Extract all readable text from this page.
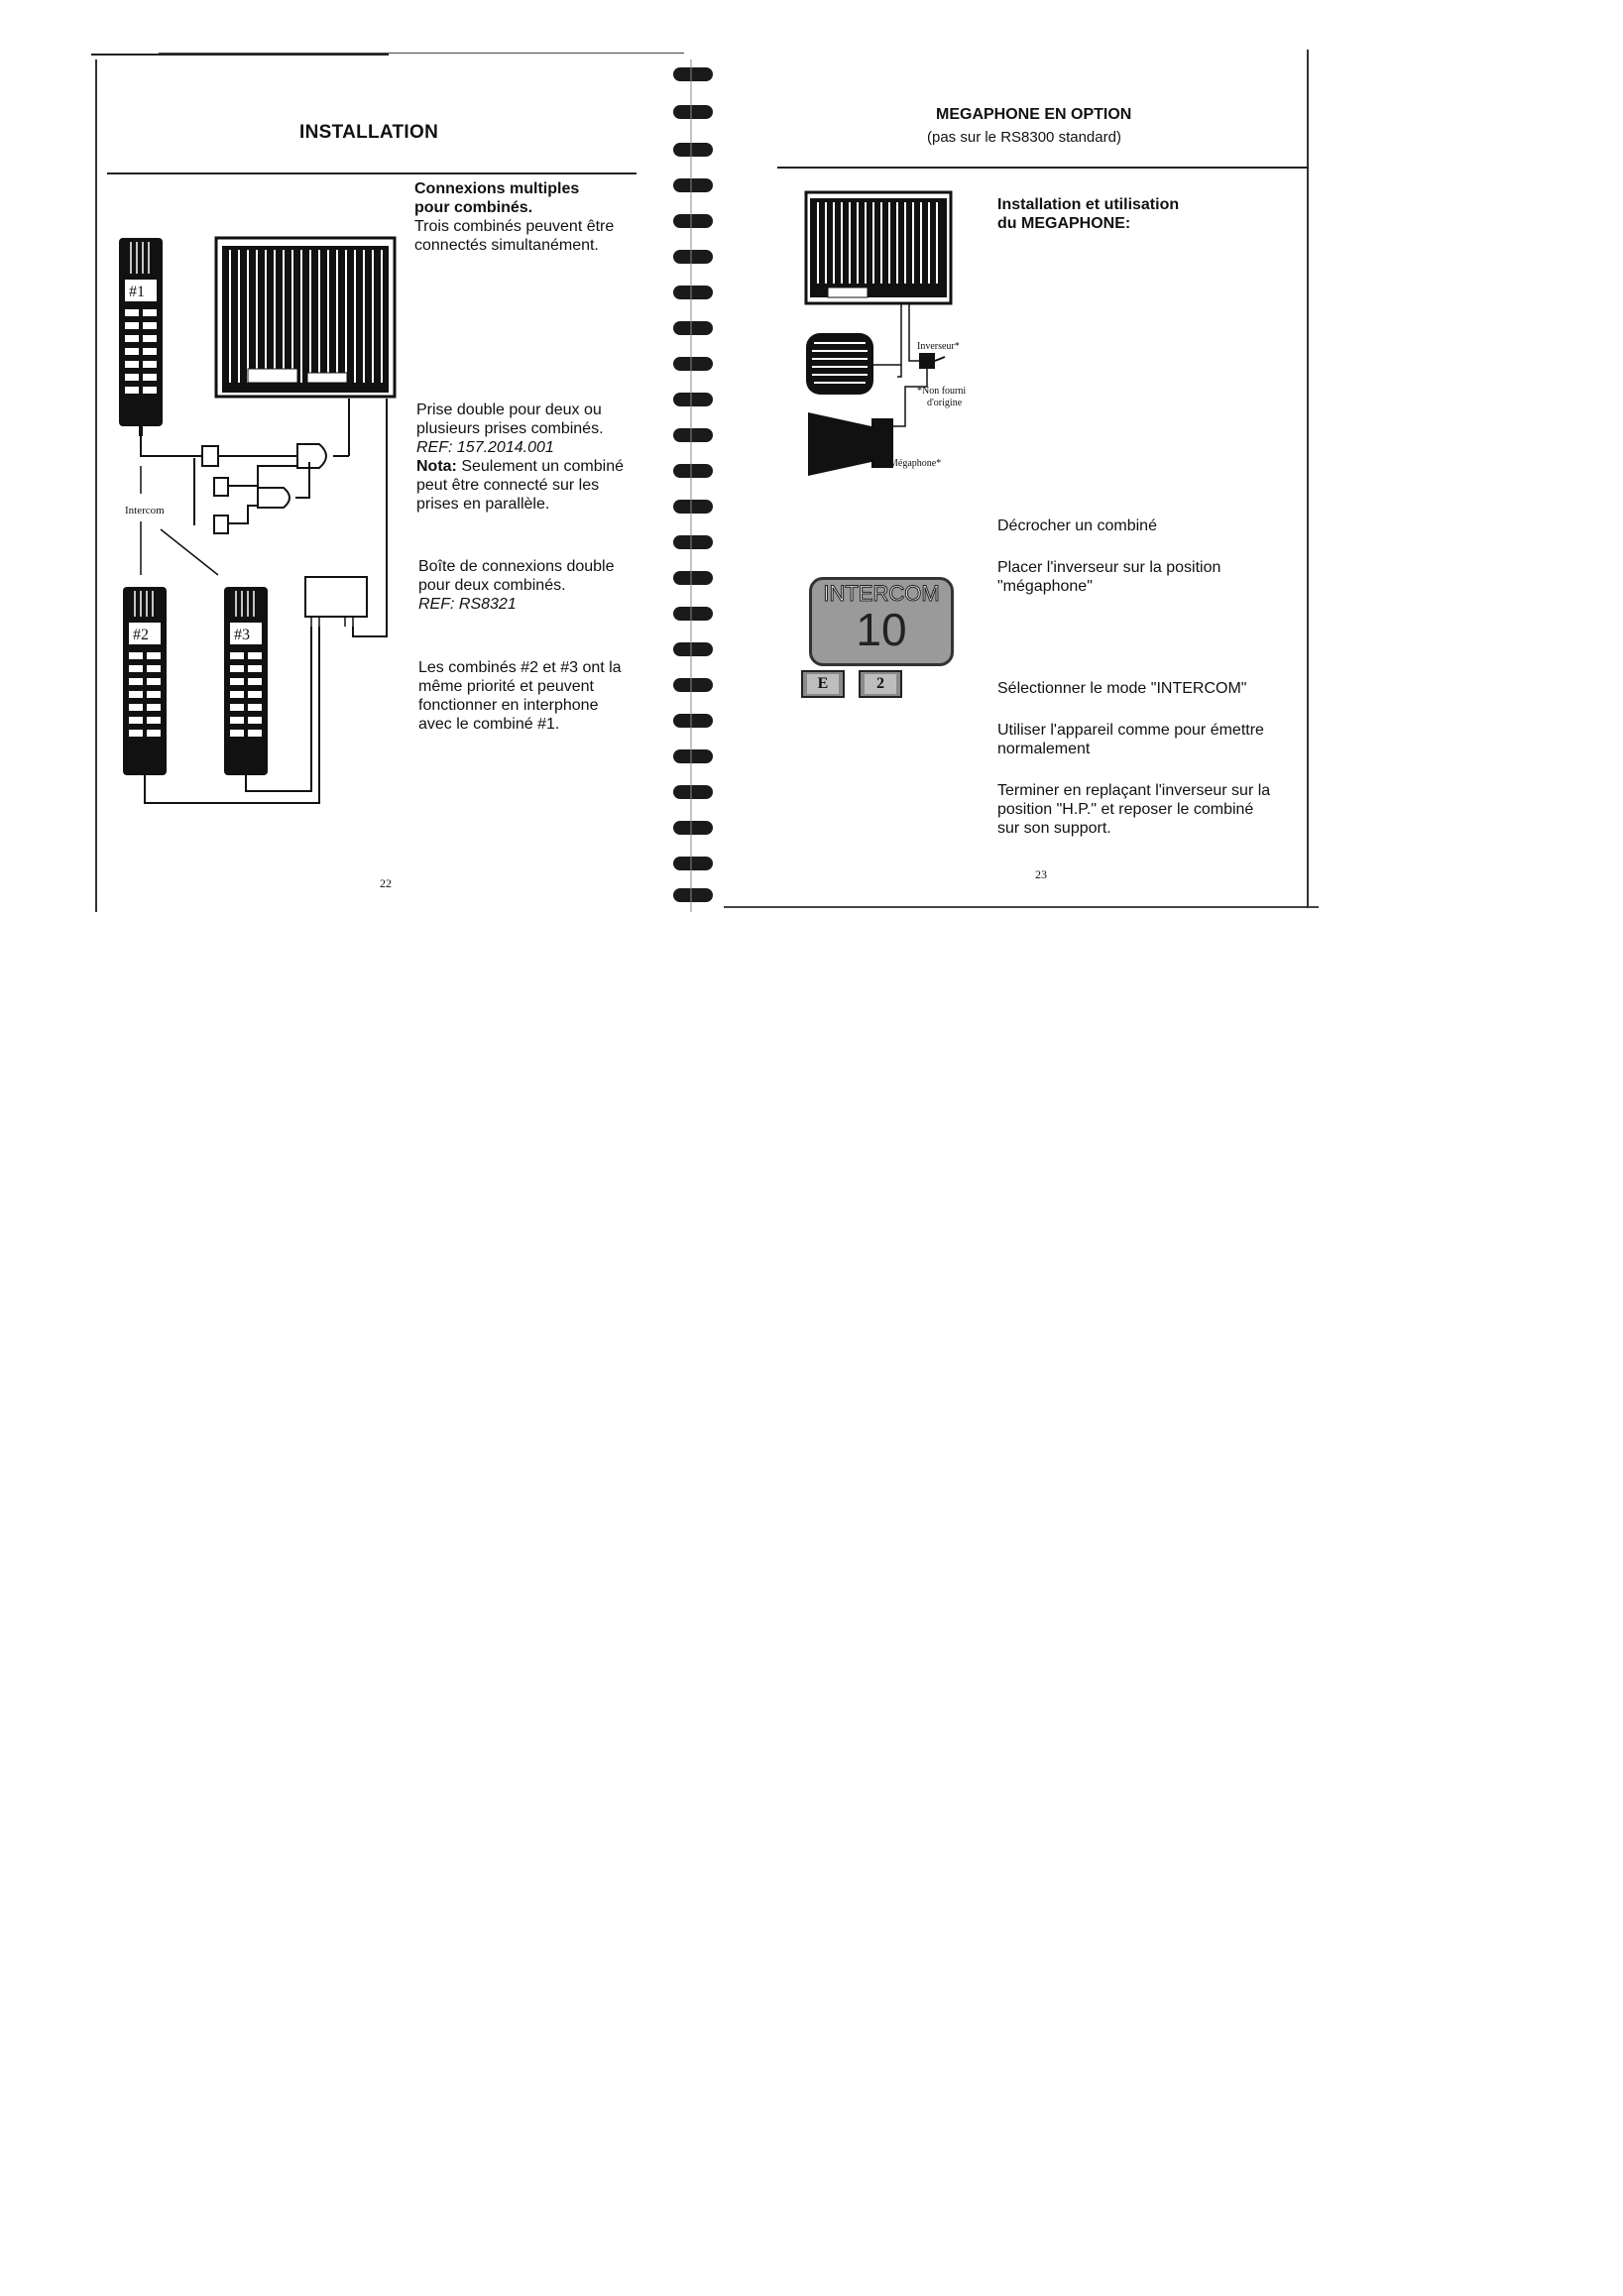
INSTALLATION
Connexions multiples
pour combinés.
Trois combinés peuvent être
connectés simultanément.
Prise double pour deux ou
plusieurs prises combinés.
REF: 157.2014.001
Nota: Seulement un combiné
peut être connecté sur les
prises en parallèle.
Boîte de connexions double
pour deux combinés.
REF: RS8321
Les combinés #2 et #3 ont la
même priorité et peuvent
fonctionner en interphone
avec le combiné #1.
22
#1
#2	#3
Intercom
MEGAPHONE EN OPTION
(pas sur le RS8300 standard)
Installation et utilisation
du MEGAPHONE:
Inverseur*
*Non fourni
d'origine
Mégaphone*
Décrocher un combiné
Placer l'inverseur sur la position
"mégaphone"
INTERCOM
10
E	2	Sélectionner le mode "INTERCOM"
Utiliser l'appareil comme pour émettre
normalement
Terminer en replaçant l'inverseur sur la
position "H.P." et reposer le combiné
sur son support.
23
